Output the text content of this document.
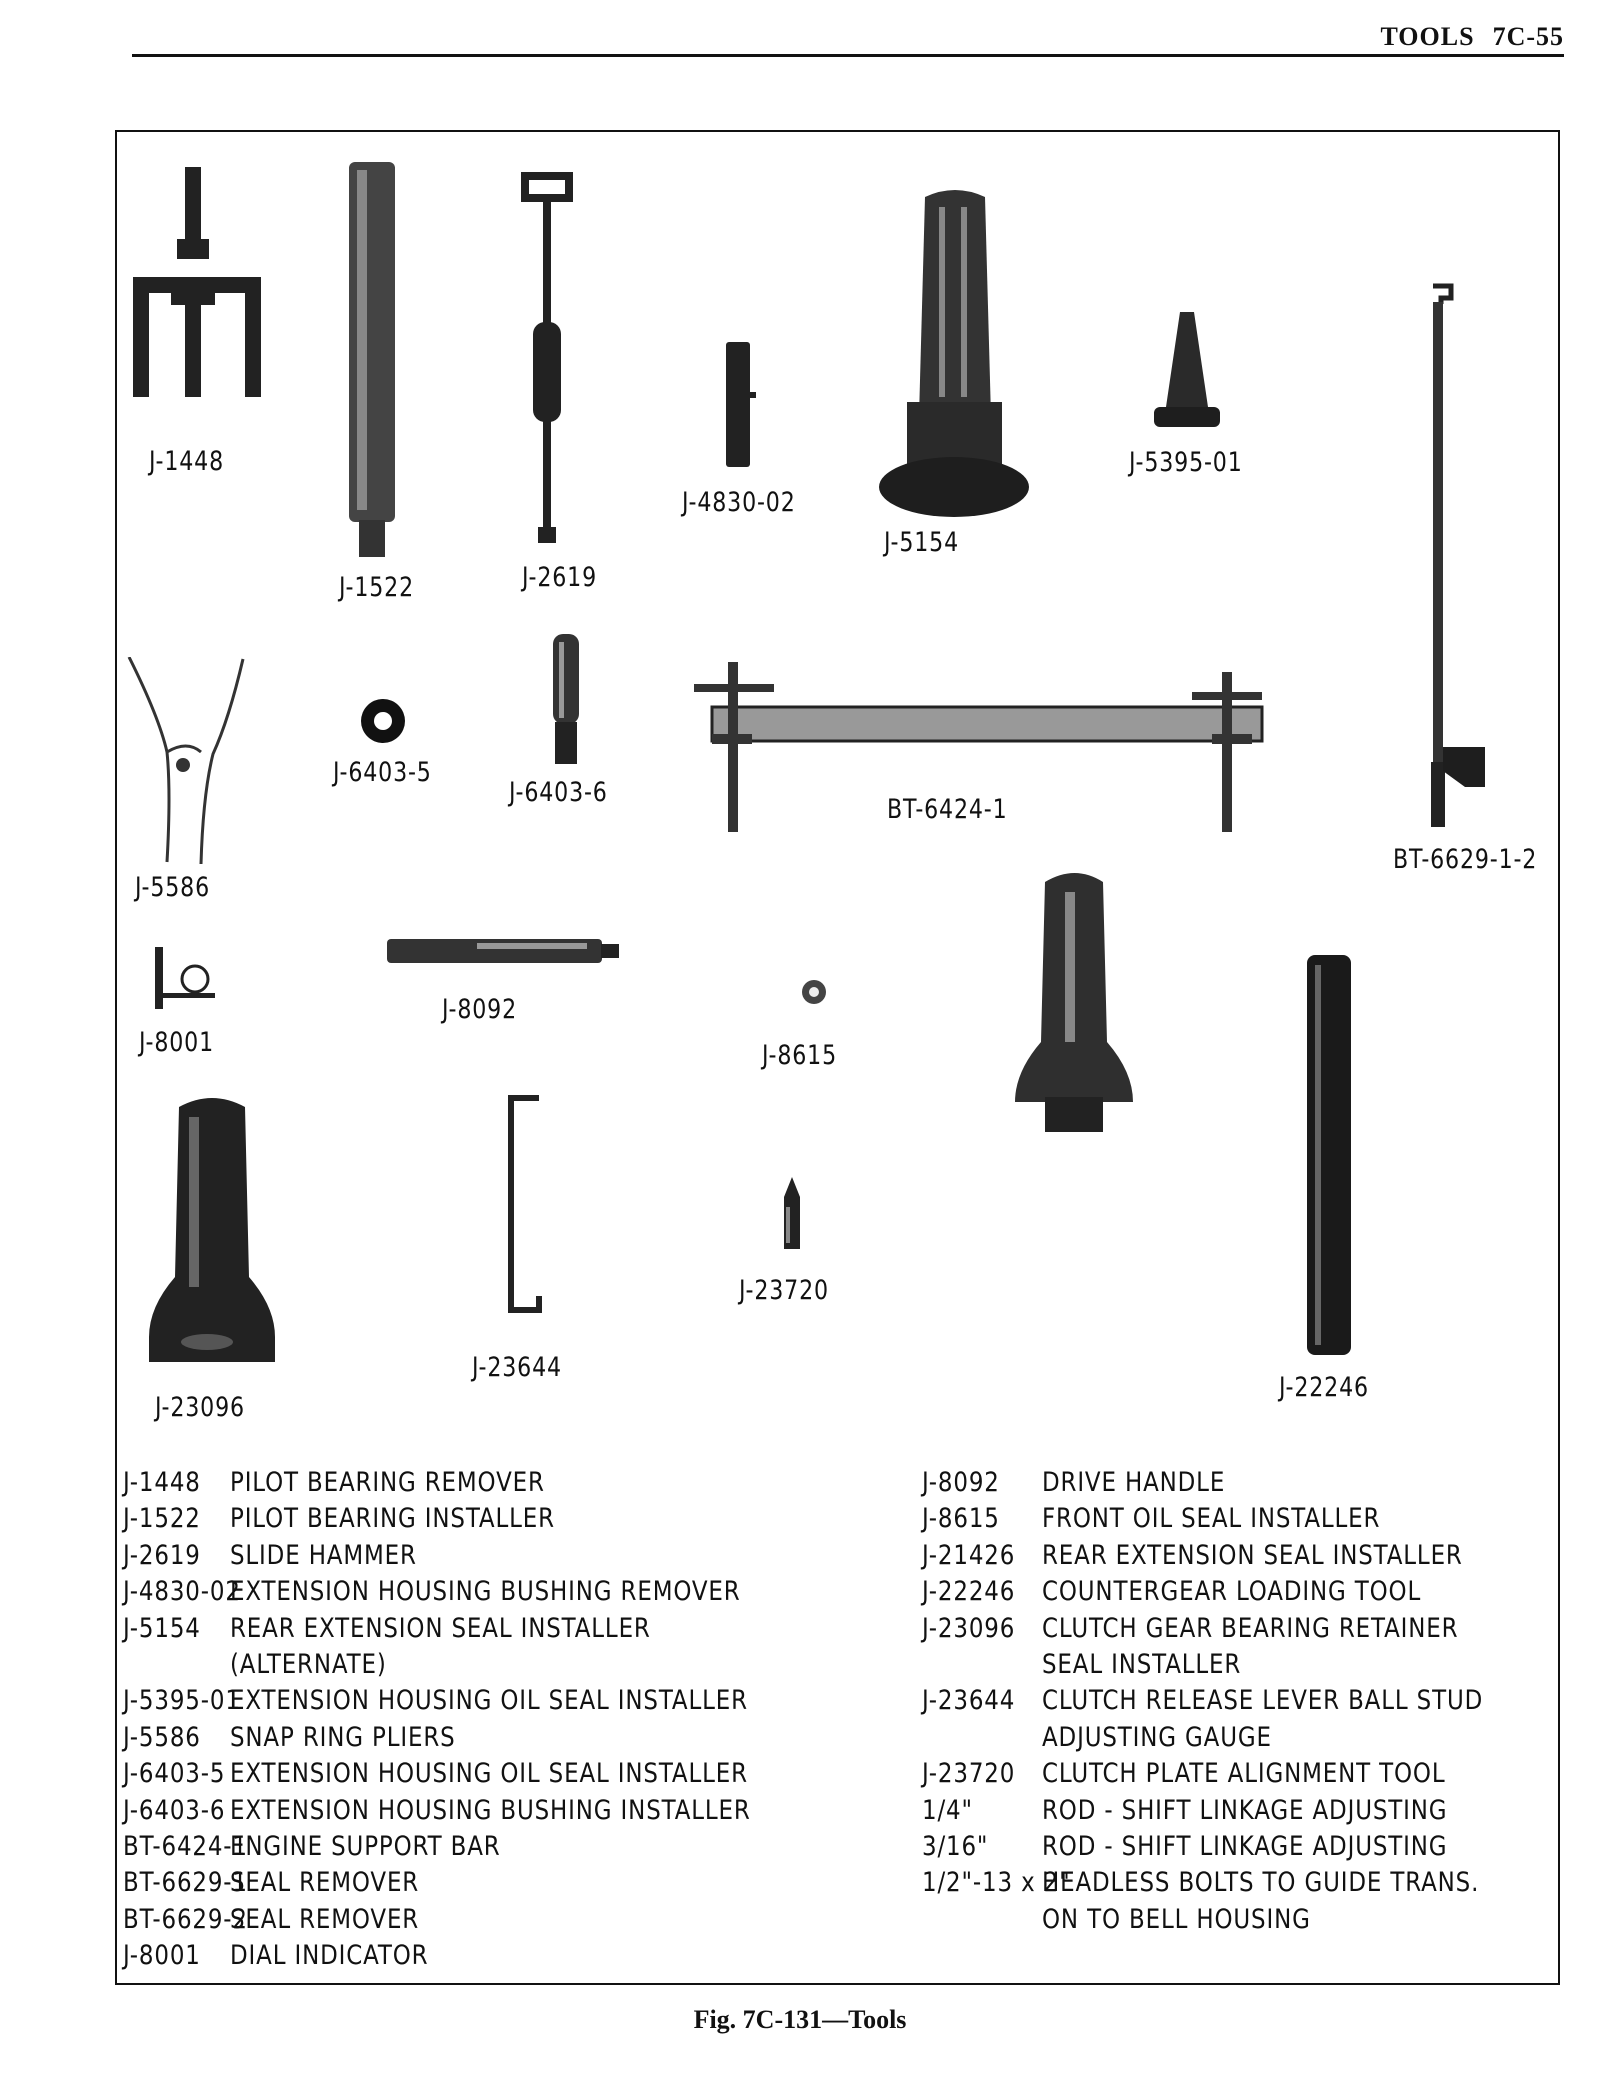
TOOLS 7C-55
J-1448
J-1522	J-2619
J-4830-02
J-5154
J-5395-01
BT-6629-1-2
J-5586
J-6403-5
J-6403-6
BT-6424-1
J-8001
J-8092
J-8615
J-22246
J-23096
J-23644
J-23720
J-1448 PILOT BEARING REMOVER
J-1522 PILOT BEARING INSTALLER
J-2619 SLIDE HAMMER
J-4830-02
EXTENSION HOUSING BUSHING REMOVER
J-5154 REAR EXTENSION SEAL INSTALLER
(ALTERNATE)
J-5395-01
EXTENSION HOUSING OIL SEAL INSTALLER
J-5586 SNAP RING PLIERS
J-6403-5 EXTENSION HOUSING OIL SEAL INSTALLER
J-6403-6 EXTENSION HOUSING BUSHING INSTALLER
BT-6424-1
ENGINE SUPPORT BAR
BT-6629-1
SEAL REMOVER
BT-6629-2
SEAL REMOVER
J-8001 DIAL INDICATOR
J-8092 DRIVE HANDLE
J-8615 FRONT OIL SEAL INSTALLER
J-21426 REAR EXTENSION SEAL INSTALLER
J-22246 COUNTERGEAR LOADING TOOL
J-23096 CLUTCH GEAR BEARING RETAINER
SEAL INSTALLER
J-23644 CLUTCH RELEASE LEVER BALL STUD
ADJUSTING GAUGE
J-23720 CLUTCH PLATE ALIGNMENT TOOL
1/4"	ROD - SHIFT LINKAGE ADJUSTING
3/16" ROD - SHIFT LINKAGE ADJUSTING
1/2"-13 x 2"
HEADLESS BOLTS TO GUIDE TRANS.
ON TO BELL HOUSING
Fig. 7C-131—Tools
